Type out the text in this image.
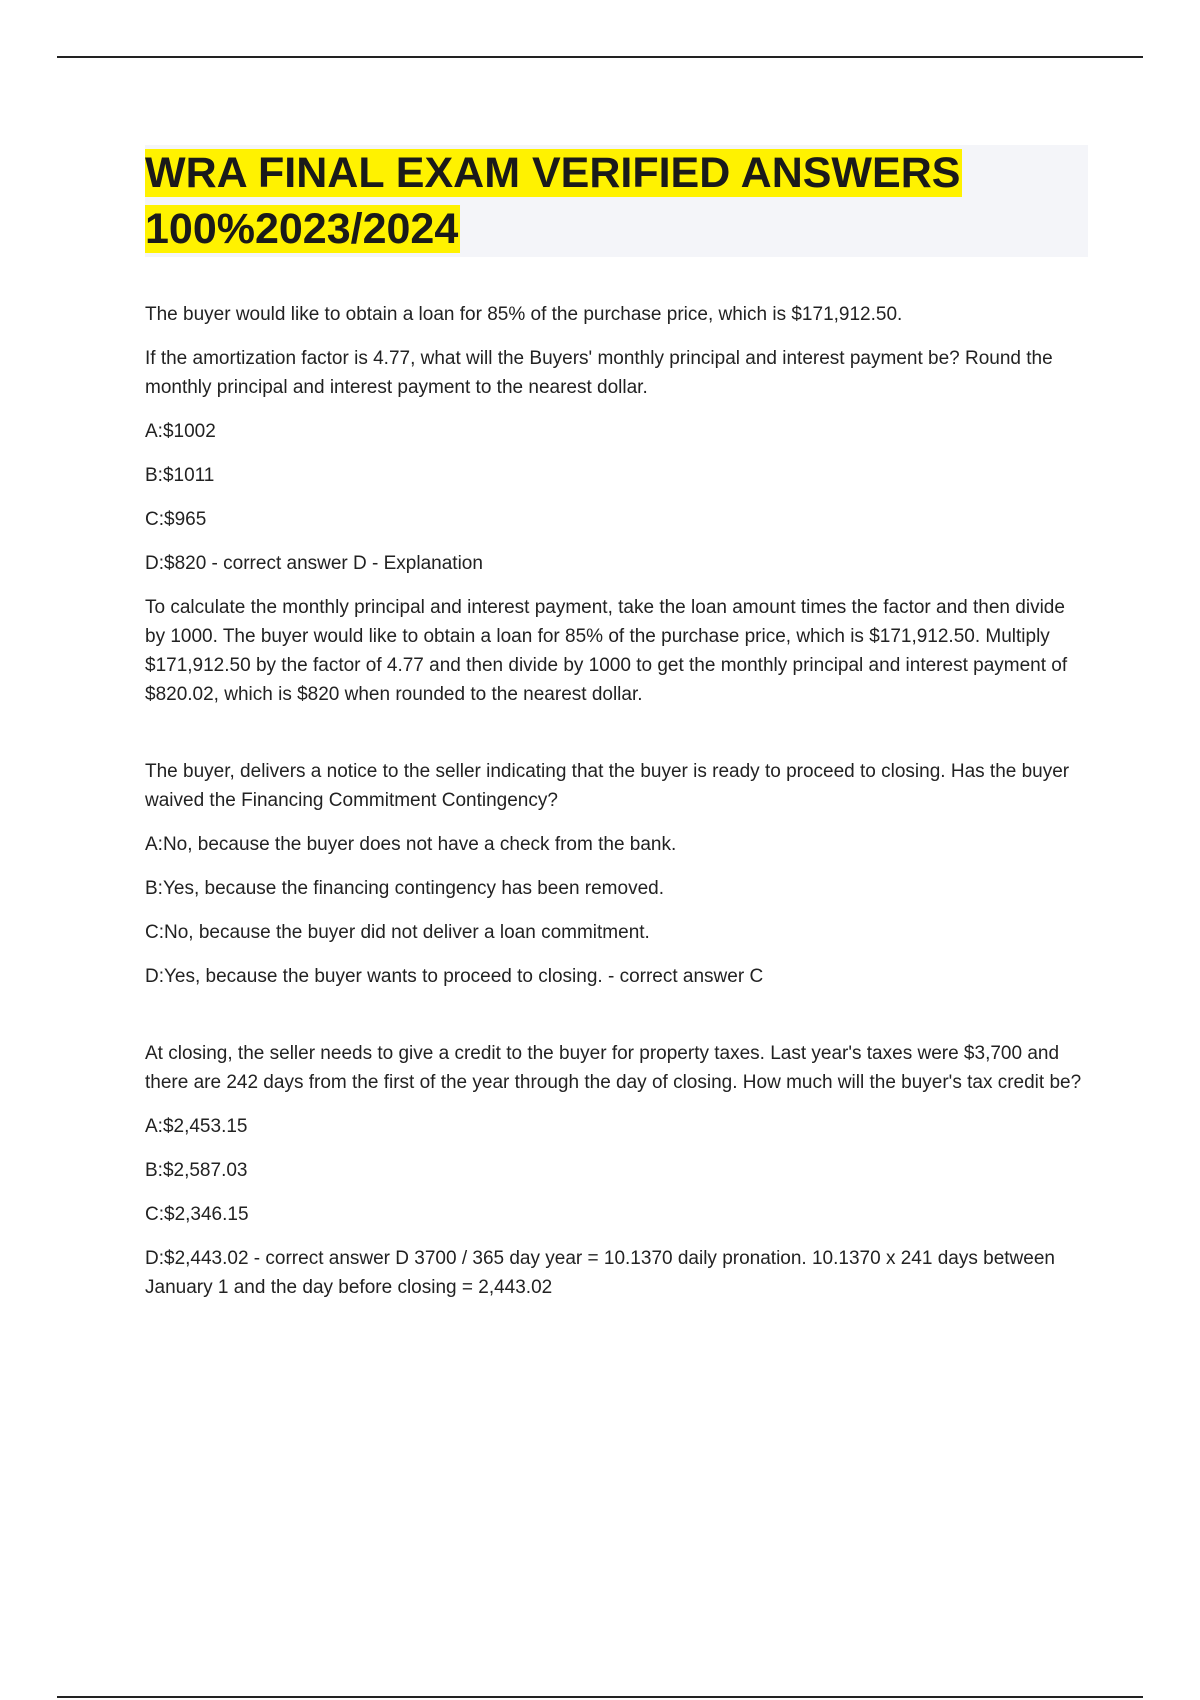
WRA FINAL EXAM VERIFIED ANSWERS
100%2023/2024

The buyer would like to obtain a loan for 85% of the purchase price, which is $171,912.50.

If the amortization factor is 4.77, what will the Buyers' monthly principal and interest payment be? Round the monthly principal and interest payment to the nearest dollar.

A:$1002

B:$1011

C:$965

D:$820 - correct answer D - Explanation

To calculate the monthly principal and interest payment, take the loan amount times the factor and then divide by 1000. The buyer would like to obtain a loan for 85% of the purchase price, which is $171,912.50. Multiply $171,912.50 by the factor of 4.77 and then divide by 1000 to get the monthly principal and interest payment of $820.02, which is $820 when rounded to the nearest dollar.

The buyer, delivers a notice to the seller indicating that the buyer is ready to proceed to closing. Has the buyer waived the Financing Commitment Contingency?

A:No, because the buyer does not have a check from the bank.

B:Yes, because the financing contingency has been removed.

C:No, because the buyer did not deliver a loan commitment.

D:Yes, because the buyer wants to proceed to closing. - correct answer C

At closing, the seller needs to give a credit to the buyer for property taxes. Last year's taxes were $3,700 and there are 242 days from the first of the year through the day of closing. How much will the buyer's tax credit be?

A:$2,453.15

B:$2,587.03

C:$2,346.15

D:$2,443.02 - correct answer D 3700 / 365 day year = 10.1370 daily pronation. 10.1370 x 241 days between January 1 and the day before closing = 2,443.02
